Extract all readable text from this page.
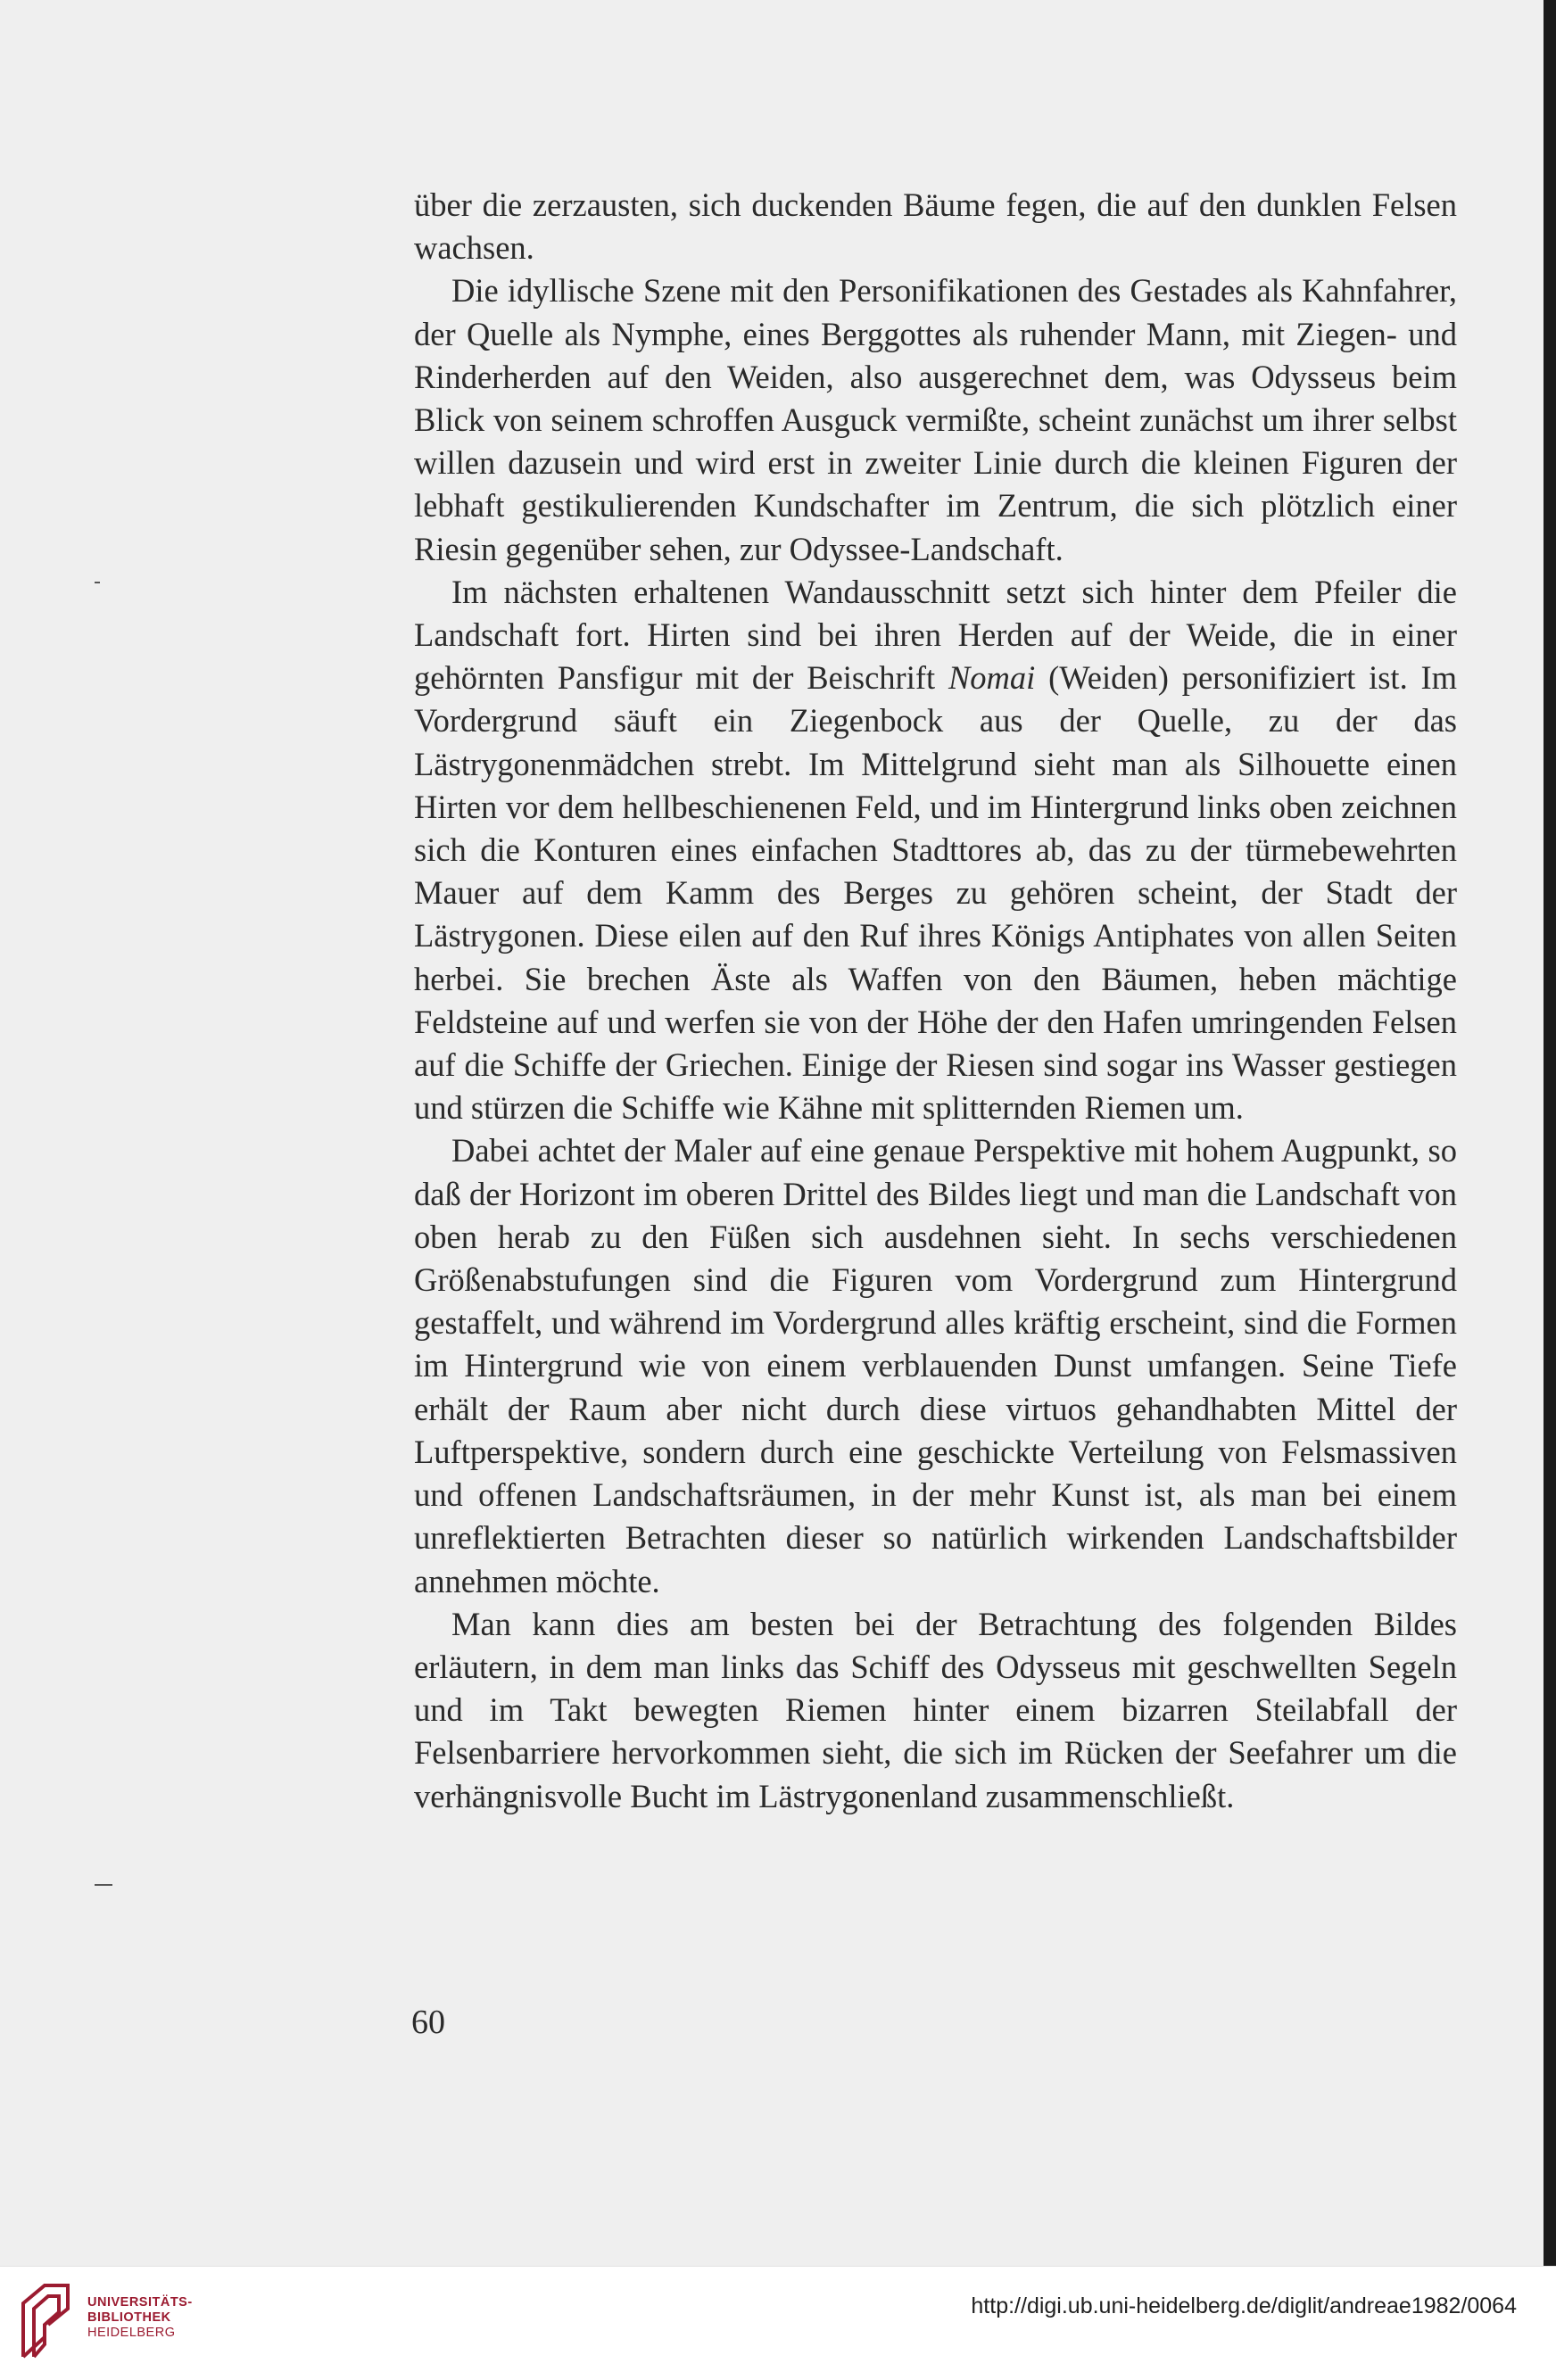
über die zerzausten, sich duckenden Bäume fegen, die auf den dunklen Felsen wachsen.

Die idyllische Szene mit den Personifikationen des Gestades als Kahnfahrer, der Quelle als Nymphe, eines Berggottes als ruhender Mann, mit Ziegen- und Rinderherden auf den Weiden, also ausgerechnet dem, was Odysseus beim Blick von seinem schroffen Ausguck vermißte, scheint zunächst um ihrer selbst willen dazusein und wird erst in zweiter Linie durch die kleinen Figuren der lebhaft gestikulierenden Kundschafter im Zentrum, die sich plötzlich einer Riesin gegenüber sehen, zur Odyssee-Landschaft.

Im nächsten erhaltenen Wandausschnitt setzt sich hinter dem Pfeiler die Landschaft fort. Hirten sind bei ihren Herden auf der Weide, die in einer gehörnten Pansfigur mit der Beischrift Nomai (Weiden) personifiziert ist. Im Vordergrund säuft ein Ziegenbock aus der Quelle, zu der das Lästrygonenmädchen strebt. Im Mittelgrund sieht man als Silhouette einen Hirten vor dem hellbeschienenen Feld, und im Hintergrund links oben zeichnen sich die Konturen eines einfachen Stadttores ab, das zu der türmebewehrten Mauer auf dem Kamm des Berges zu gehören scheint, der Stadt der Lästrygonen. Diese eilen auf den Ruf ihres Königs Antiphates von allen Seiten herbei. Sie brechen Äste als Waffen von den Bäumen, heben mächtige Feldsteine auf und werfen sie von der Höhe der den Hafen umringenden Felsen auf die Schiffe der Griechen. Einige der Riesen sind sogar ins Wasser gestiegen und stürzen die Schiffe wie Kähne mit splitternden Riemen um.

Dabei achtet der Maler auf eine genaue Perspektive mit hohem Augpunkt, so daß der Horizont im oberen Drittel des Bildes liegt und man die Landschaft von oben herab zu den Füßen sich ausdehnen sieht. In sechs verschiedenen Größenabstufungen sind die Figuren vom Vordergrund zum Hintergrund gestaffelt, und während im Vordergrund alles kräftig erscheint, sind die Formen im Hintergrund wie von einem verblauenden Dunst umfangen. Seine Tiefe erhält der Raum aber nicht durch diese virtuos gehandhabten Mittel der Luftperspektive, sondern durch eine geschickte Verteilung von Felsmassiven und offenen Landschaftsräumen, in der mehr Kunst ist, als man bei einem unreflektierten Betrachten dieser so natürlich wirkenden Landschaftsbilder annehmen möchte.

Man kann dies am besten bei der Betrachtung des folgenden Bildes erläutern, in dem man links das Schiff des Odysseus mit geschwellten Segeln und im Takt bewegten Riemen hinter einem bizarren Steilabfall der Felsenbarriere hervorkommen sieht, die sich im Rücken der Seefahrer um die verhängnisvolle Bucht im Lästrygonenland zusammenschließt.

60
UNIVERSITÄTS-
BIBLIOTHEK
HEIDELBERG
http://digi.ub.uni-heidelberg.de/diglit/andreae1982/0064
